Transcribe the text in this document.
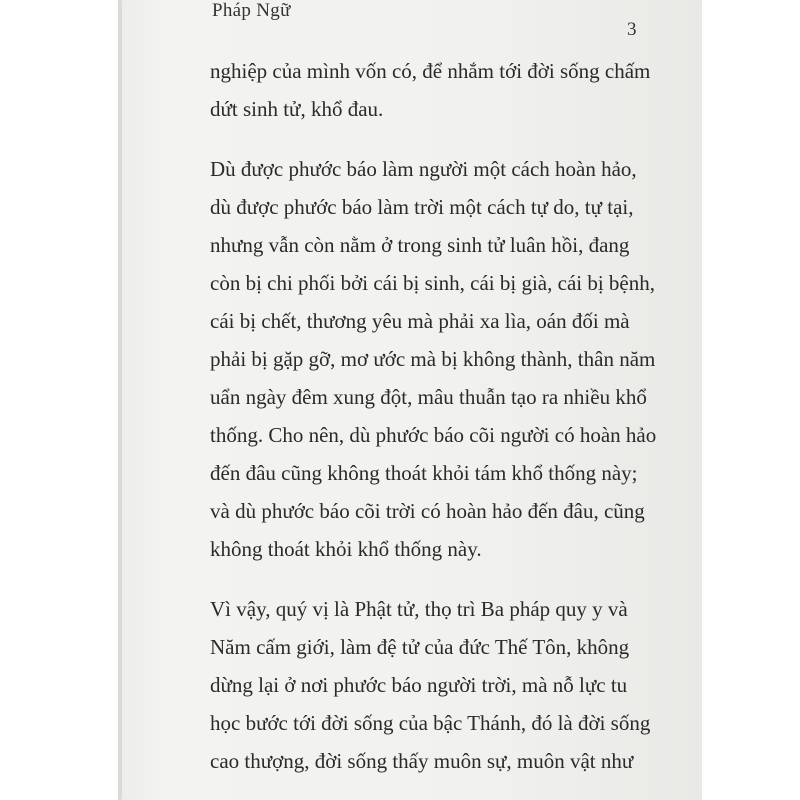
Pháp Ngữ
3

nghiệp của mình vốn có, để nhắm tới đời sống chấm
dứt sinh tử, khổ đau.

Dù được phước báo làm người một cách hoàn hảo,
dù được phước báo làm trời một cách tự do, tự tại,
nhưng vẫn còn nằm ở trong sinh tử luân hồi, đang
còn bị chi phối bởi cái bị sinh, cái bị già, cái bị bệnh,
cái bị chết, thương yêu mà phải xa lìa, oán đối mà
phải bị gặp gỡ, mơ ước mà bị không thành, thân năm
uẩn ngày đêm xung đột, mâu thuẫn tạo ra nhiều khổ
thống. Cho nên, dù phước báo cõi người có hoàn hảo
đến đâu cũng không thoát khỏi tám khổ thống này;
và dù phước báo cõi trời có hoàn hảo đến đâu, cũng
không thoát khỏi khổ thống này.

Vì vậy, quý vị là Phật tử, thọ trì Ba pháp quy y và
Năm cấm giới, làm đệ tử của đức Thế Tôn, không
dừng lại ở nơi phước báo người trời, mà nỗ lực tu
học bước tới đời sống của bậc Thánh, đó là đời sống
cao thượng, đời sống thấy muôn sự, muôn vật như
